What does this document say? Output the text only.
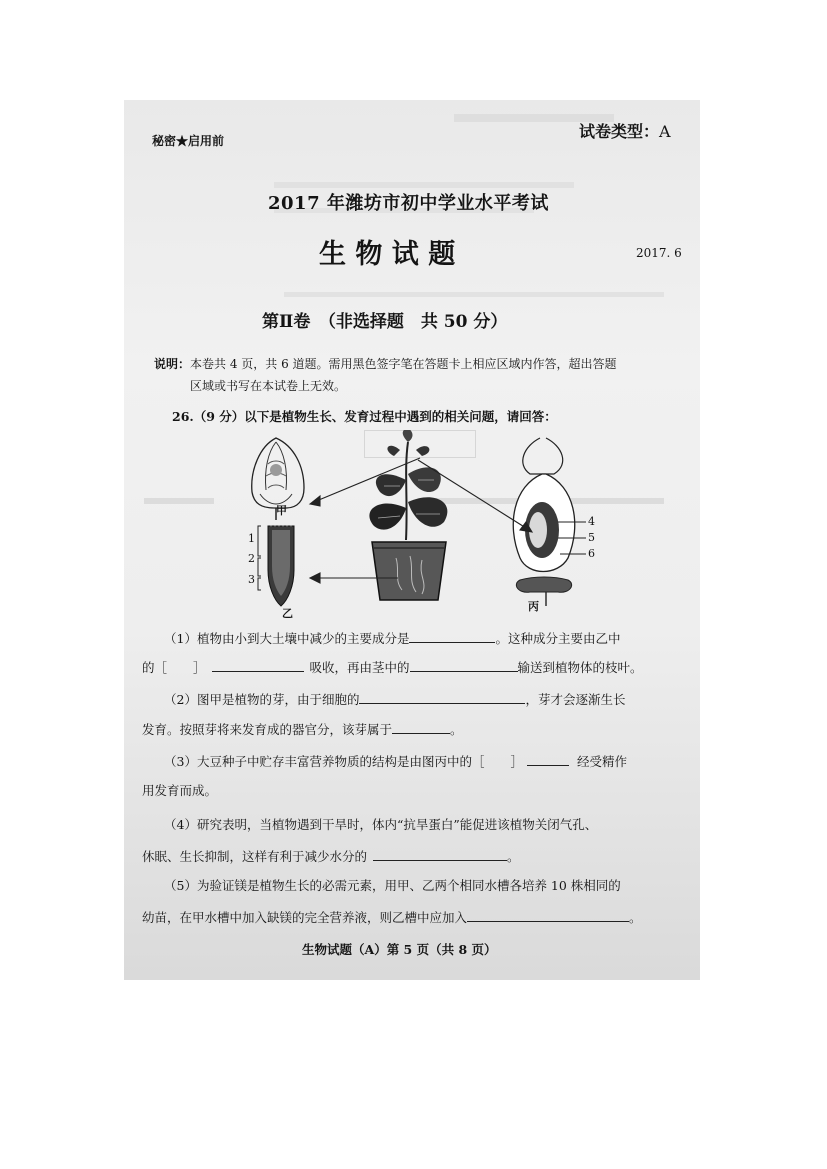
秘密★启用前	试卷类型：A
2017 年潍坊市初中学业水平考试
生 物 试 题	2017. 6
第Ⅱ卷　（非选择题　共 50 分）
说明：本卷共 4 页，共 6 道题。需用黑色签字笔在答题卡上相应区域内作答，超出答题
区域或书写在本试卷上无效。
26.（9 分）以下是植物生长、发育过程中遇到的相关问题，请回答：
甲
乙
丙
1
2
3
4
5
6
（1）植物由小到大土壤中减少的主要成分是	。这种成分主要由乙中
的［ ］	吸收，再由茎中的	输送到植物体的枝叶。
（2）图甲是植物的芽，由于细胞的	，芽才会逐渐生长
发育。按照芽将来发育成的器官分，该芽属于	。
（3）大豆种子中贮存丰富营养物质的结构是由图丙中的［ ］	经受精作
用发育而成。
（4）研究表明，当植物遇到干旱时，体内“抗旱蛋白”能促进该植物关闭气孔、
休眠、生长抑制，这样有利于减少水分的	。
（5）为验证镁是植物生长的必需元素，用甲、乙两个相同水槽各培养 10 株相同的
幼苗，在甲水槽中加入缺镁的完全营养液，则乙槽中应加入	。
生物试题（A）第 5 页（共 8 页）
